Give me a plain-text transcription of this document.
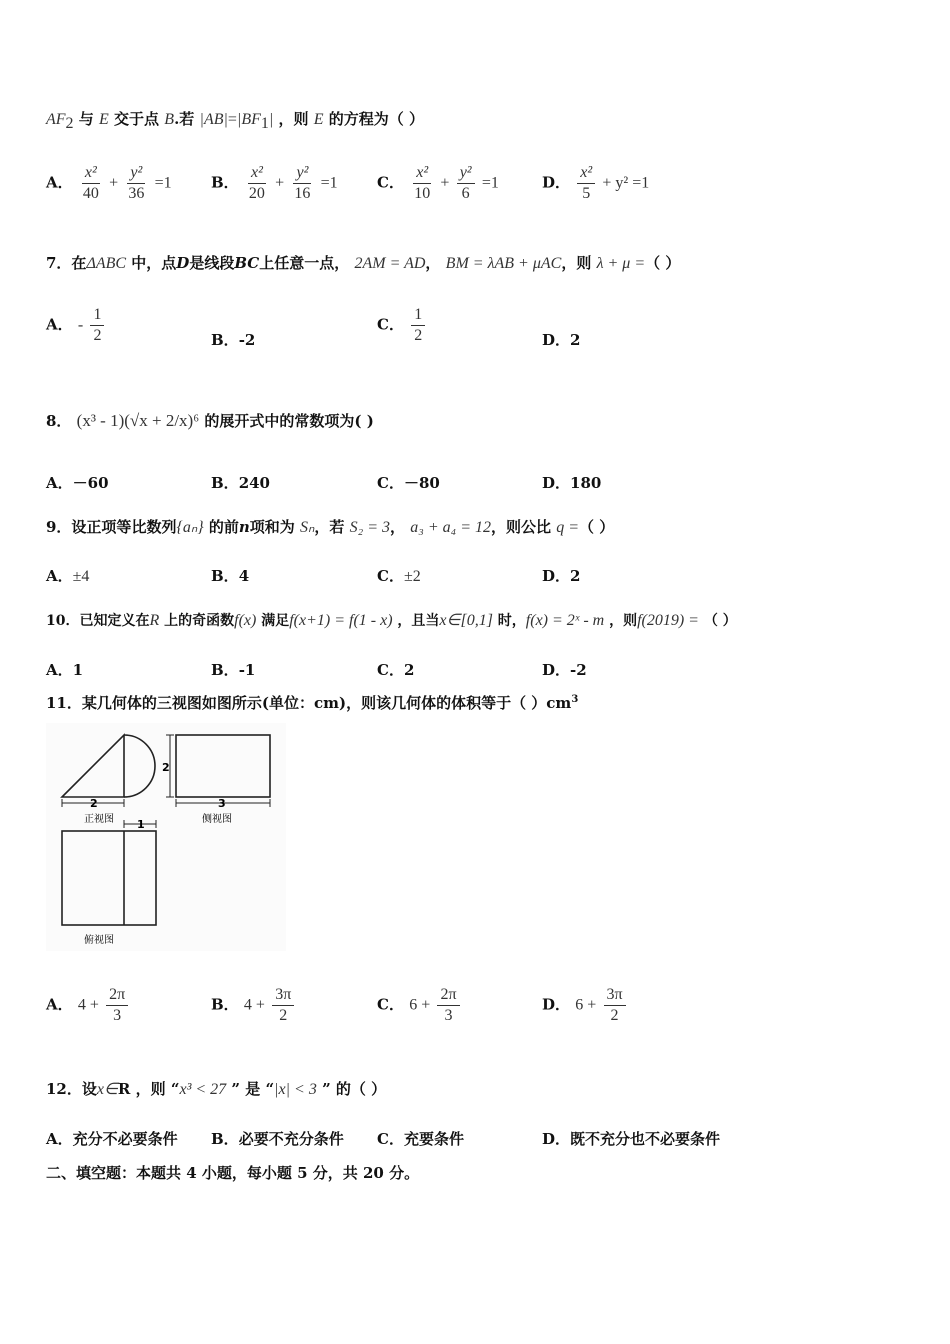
$AF_2$ 与 E 交于点 B.若 $|AB|=|BF_1|$ ，则 E 的方程为（ ）
A． $\frac{\text{x²}}{40} + \frac{\text{y²}}{36} =1$	B． $\frac{\text{x²}}{20} + \frac{\text{y²}}{16} =1$	C． $\frac{\text{x²}}{10} + \frac{\text{y²}}{6} =1$	D． $\frac{\text{x²}}{5} + y^2 =1$
7．在ΔABC 中，点D是线段BC上任意一点， 2AM = AD， BM = λAB + μAC，则 λ + μ =（ ）
A． - $\frac{1}{2}$	B．-2
C． $\frac{1}{2}$	D．2
8． (x³ - 1)(√x + 2/x)⁶ 的展开式中的常数项为( )
A．－60	B．240	C．－80	D．180
9．设正项等比数列{aₙ} 的前n项和为 Sₙ，若 S₂ = 3， a₃ + a₄ = 12，则公比 q =（ ）
A．±4	B．4	C．±2	D．2
10．已知定义在R 上的奇函数f(x) 满足f(x+1) = f(1 - x) ，且当x∈[0,1] 时，f(x) = 2ˣ - m ，则f(2019) = （ ）
A．1	B．-1	C．2	D．-2
11．某几何体的三视图如图所示(单位：cm)，则该几何体的体积等于（ ）$cm^3$
2
正视图
2
3
侧视图
1
俯视图
A． $4 + \frac{2\pi}{3}$	B． $4 + \frac{3\pi}{2}$	C． $6 + \frac{2\pi}{3}$	D． $6 + \frac{3\pi}{2}$
12．设x∈R ，则 “x³ < 27 ” 是 “|x| < 3 ” 的（ ）
A．充分不必要条件 B．必要不充分条件 C．充要条件	D．既不充分也不必要条件
二、填空题：本题共 4 小题，每小题 5 分，共 20 分。
